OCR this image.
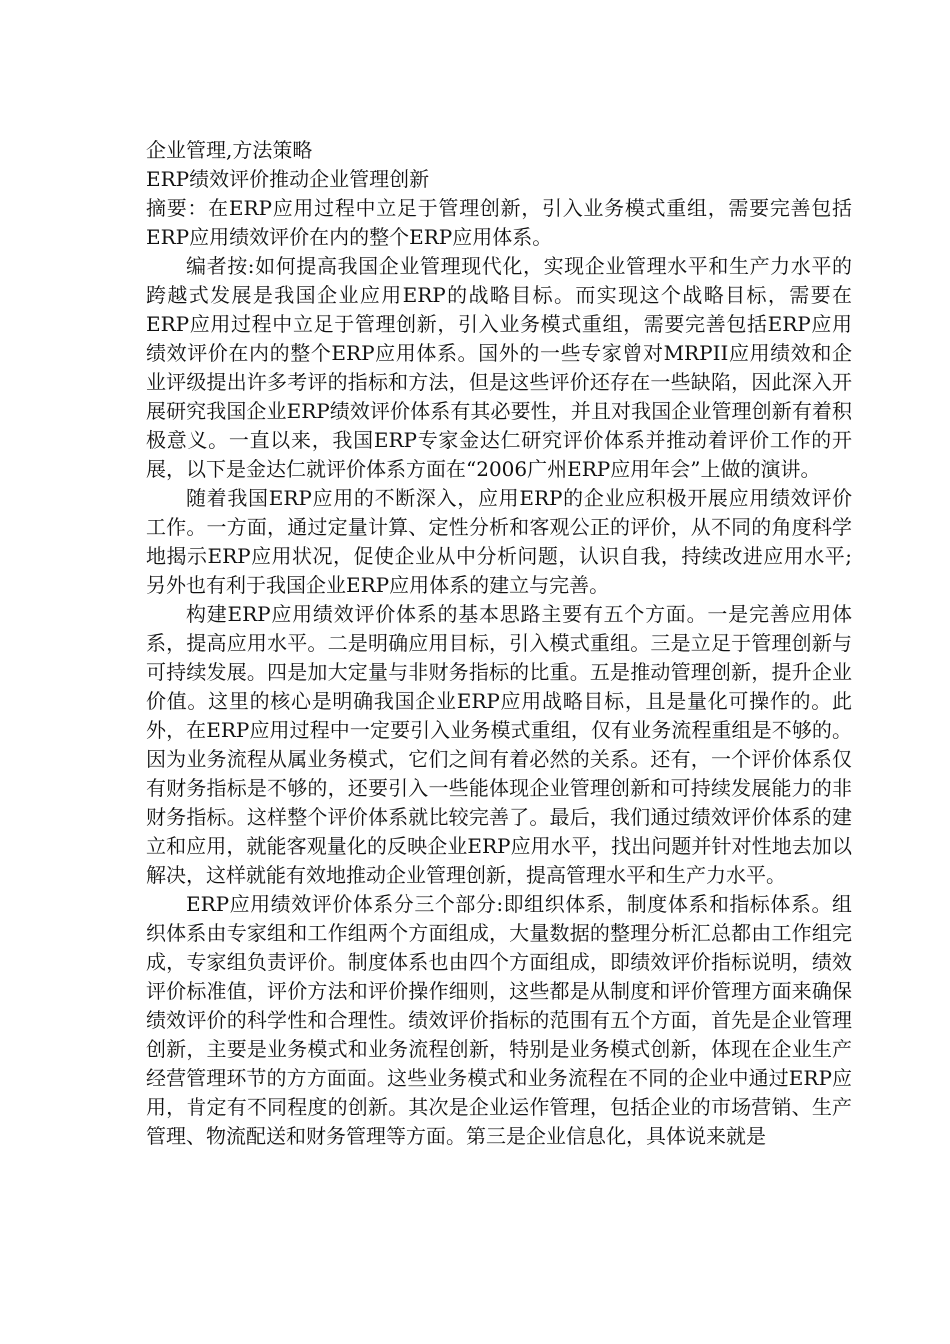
企业管理,方法策略

ERP绩效评价推动企业管理创新

摘要：在ERP应用过程中立足于管理创新，引入业务模式重组，需要完善包括ERP应用绩效评价在内的整个ERP应用体系。

编者按:如何提高我国企业管理现代化，实现企业管理水平和生产力水平的跨越式发展是我国企业应用ERP的战略目标。而实现这个战略目标，需要在ERP应用过程中立足于管理创新，引入业务模式重组，需要完善包括ERP应用绩效评价在内的整个ERP应用体系。国外的一些专家曾对MRPII应用绩效和企业评级提出许多考评的指标和方法，但是这些评价还存在一些缺陷，因此深入开展研究我国企业ERP绩效评价体系有其必要性，并且对我国企业管理创新有着积极意义。一直以来，我国ERP专家金达仁研究评价体系并推动着评价工作的开展，以下是金达仁就评价体系方面在“2006广州ERP应用年会”上做的演讲。

随着我国ERP应用的不断深入，应用ERP的企业应积极开展应用绩效评价工作。一方面，通过定量计算、定性分析和客观公正的评价，从不同的角度科学地揭示ERP应用状况，促使企业从中分析问题，认识自我，持续改进应用水平;另外也有利于我国企业ERP应用体系的建立与完善。

构建ERP应用绩效评价体系的基本思路主要有五个方面。一是完善应用体系，提高应用水平。二是明确应用目标，引入模式重组。三是立足于管理创新与可持续发展。四是加大定量与非财务指标的比重。五是推动管理创新，提升企业价值。这里的核心是明确我国企业ERP应用战略目标，且是量化可操作的。此外，在ERP应用过程中一定要引入业务模式重组，仅有业务流程重组是不够的。因为业务流程从属业务模式，它们之间有着必然的关系。还有，一个评价体系仅有财务指标是不够的，还要引入一些能体现企业管理创新和可持续发展能力的非财务指标。这样整个评价体系就比较完善了。最后，我们通过绩效评价体系的建立和应用，就能客观量化的反映企业ERP应用水平，找出问题并针对性地去加以解决，这样就能有效地推动企业管理创新，提高管理水平和生产力水平。

ERP应用绩效评价体系分三个部分:即组织体系，制度体系和指标体系。组织体系由专家组和工作组两个方面组成，大量数据的整理分析汇总都由工作组完成，专家组负责评价。制度体系也由四个方面组成，即绩效评价指标说明，绩效评价标准值，评价方法和评价操作细则，这些都是从制度和评价管理方面来确保绩效评价的科学性和合理性。绩效评价指标的范围有五个方面，首先是企业管理创新，主要是业务模式和业务流程创新，特别是业务模式创新，体现在企业生产经营管理环节的方方面面。这些业务模式和业务流程在不同的企业中通过ERP应用，肯定有不同程度的创新。其次是企业运作管理，包括企业的市场营销、生产管理、物流配送和财务管理等方面。第三是企业信息化，具体说来就是
